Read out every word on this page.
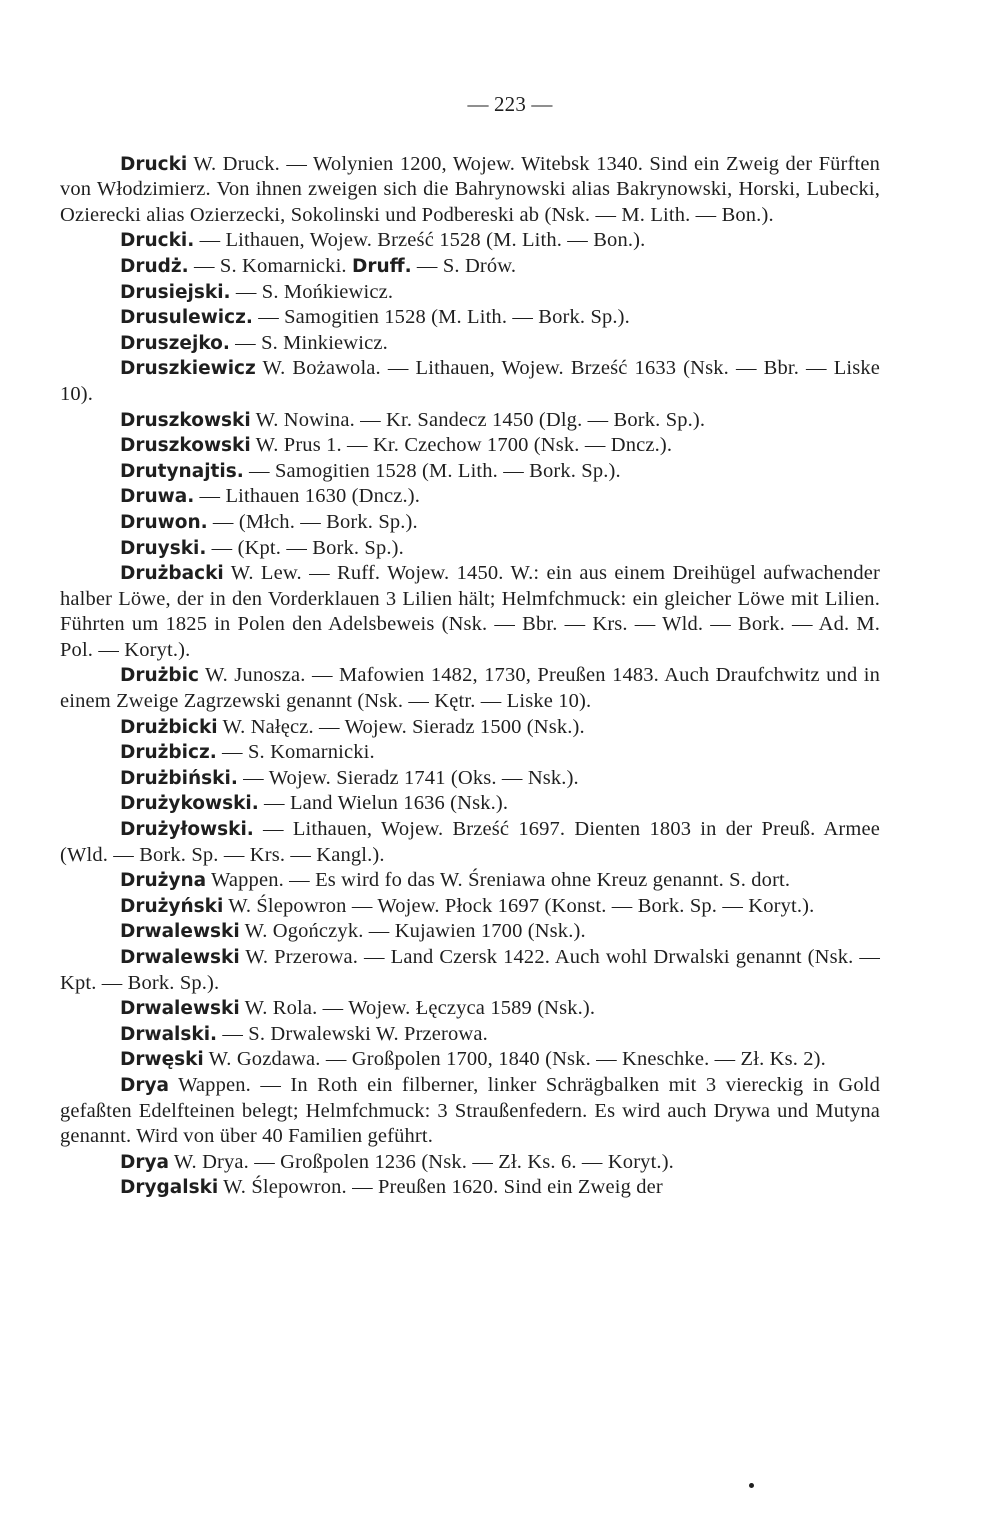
— 223 —

Drucki W. Druck. — Wolynien 1200, Wojew. Witebsk 1340. Sind ein Zweig der Fürften von Włodzimierz. Von ihnen zweigen sich die Bahrynowski alias Bakrynowski, Horski, Lubecki, Ozierecki alias Ozierzecki, Sokolinski und Podbereski ab (Nsk. — M. Lith. — Bon.).

Drucki. — Lithauen, Wojew. Brześć 1528 (M. Lith. — Bon.).

Drudż. — S. Komarnicki. Druff. — S. Drów.

Drusiejski. — S. Mońkiewicz.

Drusulewicz. — Samogitien 1528 (M. Lith. — Bork. Sp.).

Druszejko. — S. Minkiewicz.

Druszkiewicz W. Bożawola. — Lithauen, Wojew. Brześć 1633 (Nsk. — Bbr. — Liske 10).

Druszkowski W. Nowina. — Kr. Sandecz 1450 (Dlg. — Bork. Sp.).

Druszkowski W. Prus 1. — Kr. Czechow 1700 (Nsk. — Dncz.).

Drutynajtis. — Samogitien 1528 (M. Lith. — Bork. Sp.).

Druwa. — Lithauen 1630 (Dncz.).

Druwon. — (Młch. — Bork. Sp.).

Druyski. — (Kpt. — Bork. Sp.).

Drużbacki W. Lew. — Ruff. Wojew. 1450. W.: ein aus einem Dreihügel aufwachender halber Löwe, der in den Vorderklauen 3 Lilien hält; Helmfchmuck: ein gleicher Löwe mit Lilien. Führten um 1825 in Polen den Adelsbeweis (Nsk. — Bbr. — Krs. — Wld. — Bork. — Ad. M. Pol. — Koryt.).

Drużbic W. Junosza. — Mafowien 1482, 1730, Preußen 1483. Auch Draufchwitz und in einem Zweige Zagrzewski genannt (Nsk. — Kętr. — Liske 10).

Drużbicki W. Nałęcz. — Wojew. Sieradz 1500 (Nsk.).

Drużbicz. — S. Komarnicki.

Drużbiński. — Wojew. Sieradz 1741 (Oks. — Nsk.).

Drużykowski. — Land Wielun 1636 (Nsk.).

Drużyłowski. — Lithauen, Wojew. Brześć 1697. Dienten 1803 in der Preuß. Armee (Wld. — Bork. Sp. — Krs. — Kangl.).

Drużyna Wappen. — Es wird fo das W. Śreniawa ohne Kreuz genannt. S. dort.

Drużyński W. Ślepowron — Wojew. Płock 1697 (Konst. — Bork. Sp. — Koryt.).

Drwalewski W. Ogończyk. — Kujawien 1700 (Nsk.).

Drwalewski W. Przerowa. — Land Czersk 1422. Auch wohl Drwalski genannt (Nsk. — Kpt. — Bork. Sp.).

Drwalewski W. Rola. — Wojew. Łęczyca 1589 (Nsk.).

Drwalski. — S. Drwalewski W. Przerowa.

Drwęski W. Gozdawa. — Großpolen 1700, 1840 (Nsk. — Kneschke. — Zł. Ks. 2).

Drya Wappen. — In Roth ein filberner, linker Schrägbalken mit 3 viereckig in Gold gefaßten Edelfteinen belegt; Helmfchmuck: 3 Straußenfedern. Es wird auch Drywa und Mutyna genannt. Wird von über 40 Familien geführt.

Drya W. Drya. — Großpolen 1236 (Nsk. — Zł. Ks. 6. — Koryt.).

Drygalski W. Ślepowron. — Preußen 1620. Sind ein Zweig der
